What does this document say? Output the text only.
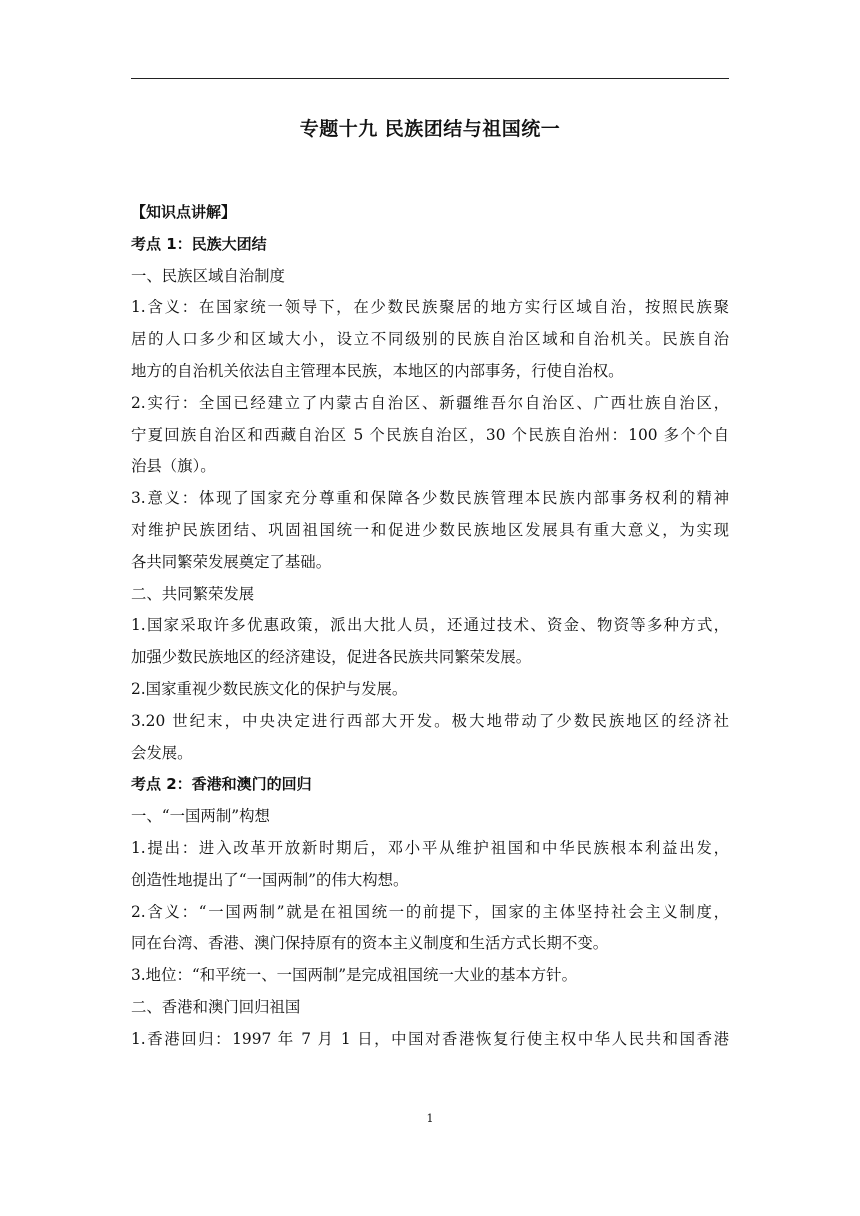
专题十九 民族团结与祖国统一
【知识点讲解】
考点 1：民族大团结
一、民族区域自治制度
1.含义：在国家统一领导下，在少数民族聚居的地方实行区域自治，按照民族聚
居的人口多少和区域大小，设立不同级别的民族自治区域和自治机关。民族自治
地方的自治机关依法自主管理本民族，本地区的内部事务，行使自治权。
2.实行：全国已经建立了内蒙古自治区、新疆维吾尔自治区、广西壮族自治区，
宁夏回族自治区和西藏自治区 5 个民族自治区，30 个民族自治州：100 多个个自
治县（旗）。
3.意义：体现了国家充分尊重和保障各少数民族管理本民族内部事务权利的精神
对维护民族团结、巩固祖国统一和促进少数民族地区发展具有重大意义，为实现
各共同繁荣发展奠定了基础。
二、共同繁荣发展
1.国家采取许多优惠政策，派出大批人员，还通过技术、资金、物资等多种方式，
加强少数民族地区的经济建设，促进各民族共同繁荣发展。
2.国家重视少数民族文化的保护与发展。
3.20 世纪末，中央决定进行西部大开发。极大地带动了少数民族地区的经济社
会发展。
考点 2：香港和澳门的回归
一、“一国两制”构想
1.提出：进入改革开放新时期后，邓小平从维护祖国和中华民族根本利益出发，
创造性地提出了“一国两制”的伟大构想。
2.含义：“一国两制”就是在祖国统一的前提下，国家的主体坚持社会主义制度，
同在台湾、香港、澳门保持原有的资本主义制度和生活方式长期不变。
3.地位：“和平统一、一国两制”是完成祖国统一大业的基本方针。
二、香港和澳门回归祖国
1.香港回归：1997 年 7 月 1 日，中国对香港恢复行使主权中华人民共和国香港
1
